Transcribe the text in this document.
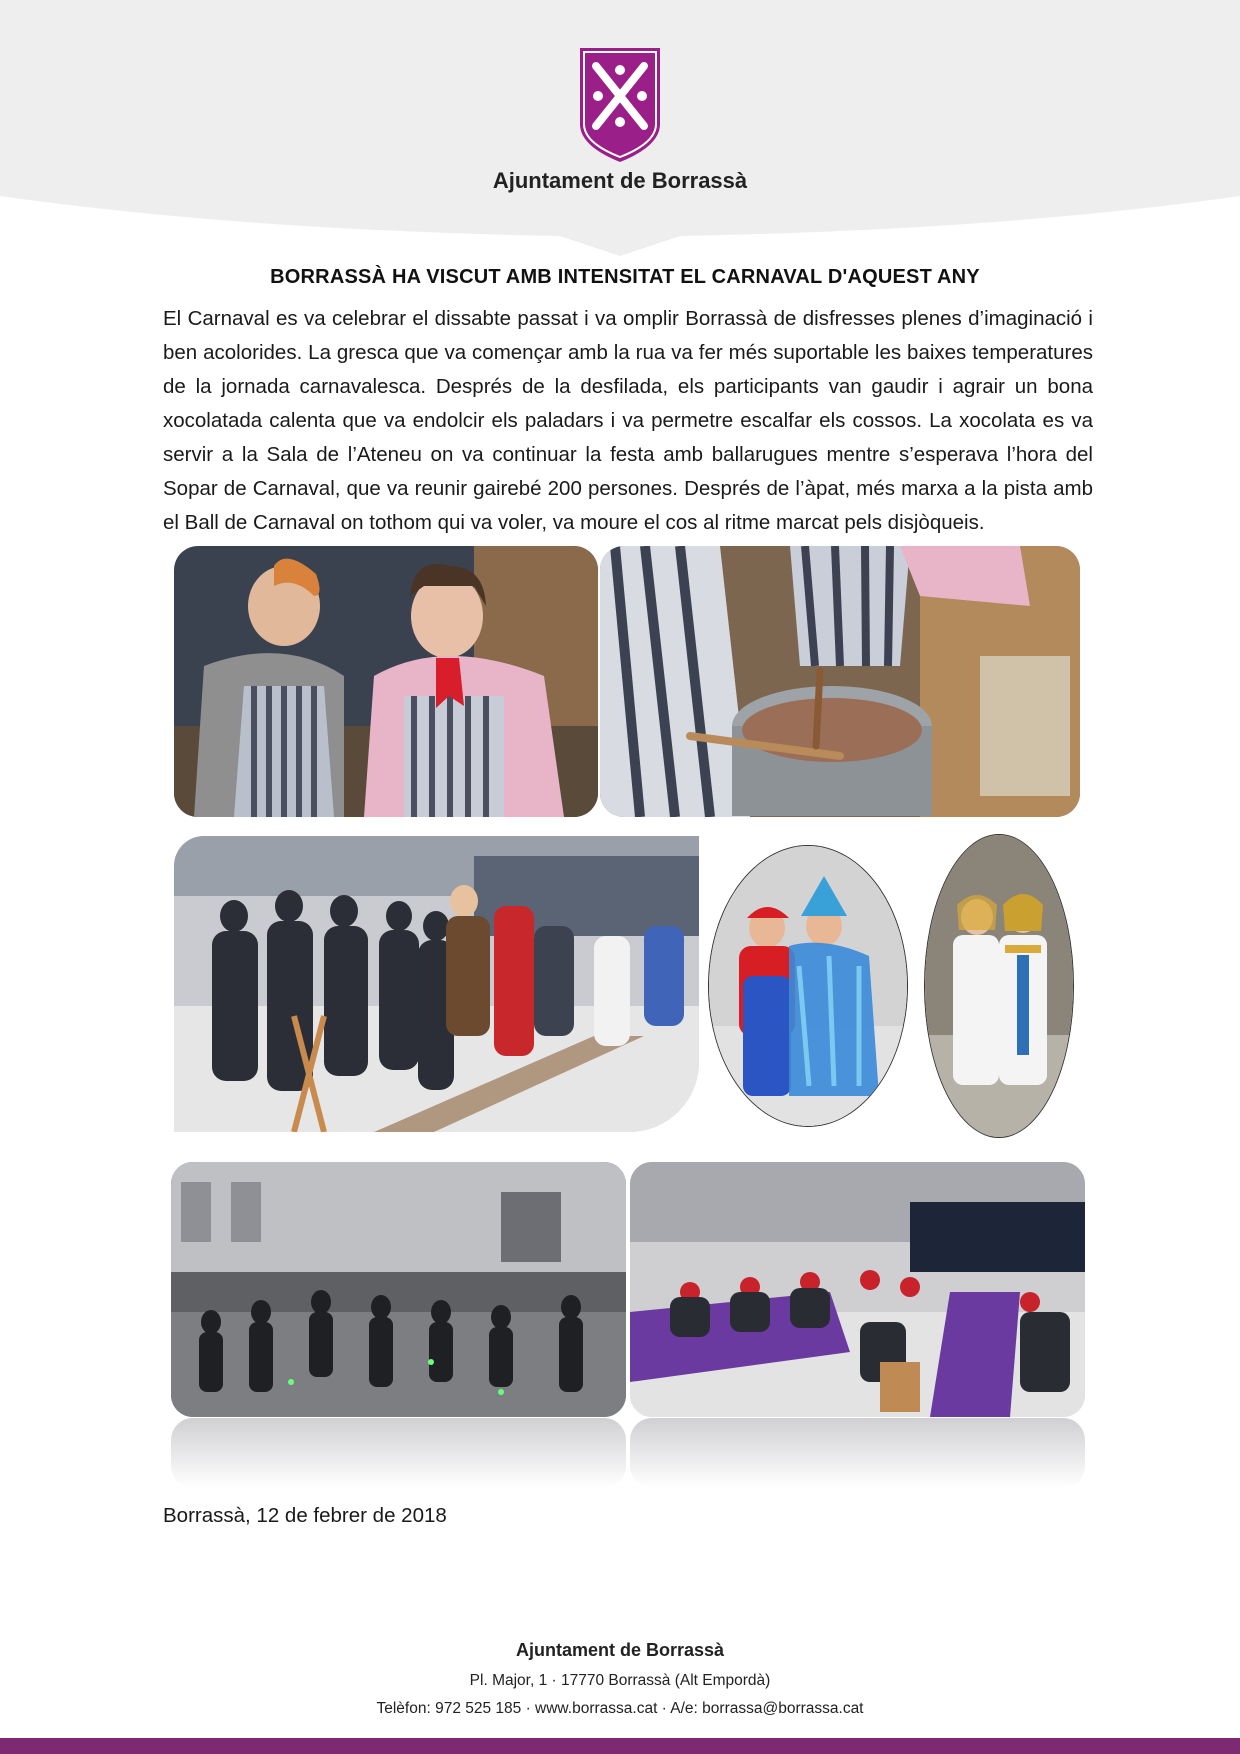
Ajuntament de Borrassà
BORRASSÀ HA VISCUT AMB INTENSITAT EL CARNAVAL D'AQUEST ANY
El Carnaval es va celebrar el dissabte passat i va omplir Borrassà de disfresses plenes d’imaginació i ben acolorides. La gresca que va començar amb la rua va fer més suportable les baixes temperatures de la jornada carnavalesca. Després de la desfilada, els participants van gaudir i agrair un bona xocolatada calenta que va endolcir els paladars i va permetre escalfar els cossos. La xocolata es va servir a la Sala de l’Ateneu on va continuar la festa amb ballarugues mentre s’esperava l’hora del Sopar de Carnaval, que va reunir gairebé 200 persones. Després de l’àpat, més marxa a la pista amb el Ball de Carnaval on tothom qui va voler, va moure el cos al ritme marcat pels disjòqueis.
Borrassà, 12 de febrer de 2018
Ajuntament de Borrassà
Pl. Major, 1 · 17770 Borrassà (Alt Empordà)
Telèfon: 972 525 185 · www.borrassa.cat · A/e: borrassa@borrassa.cat
